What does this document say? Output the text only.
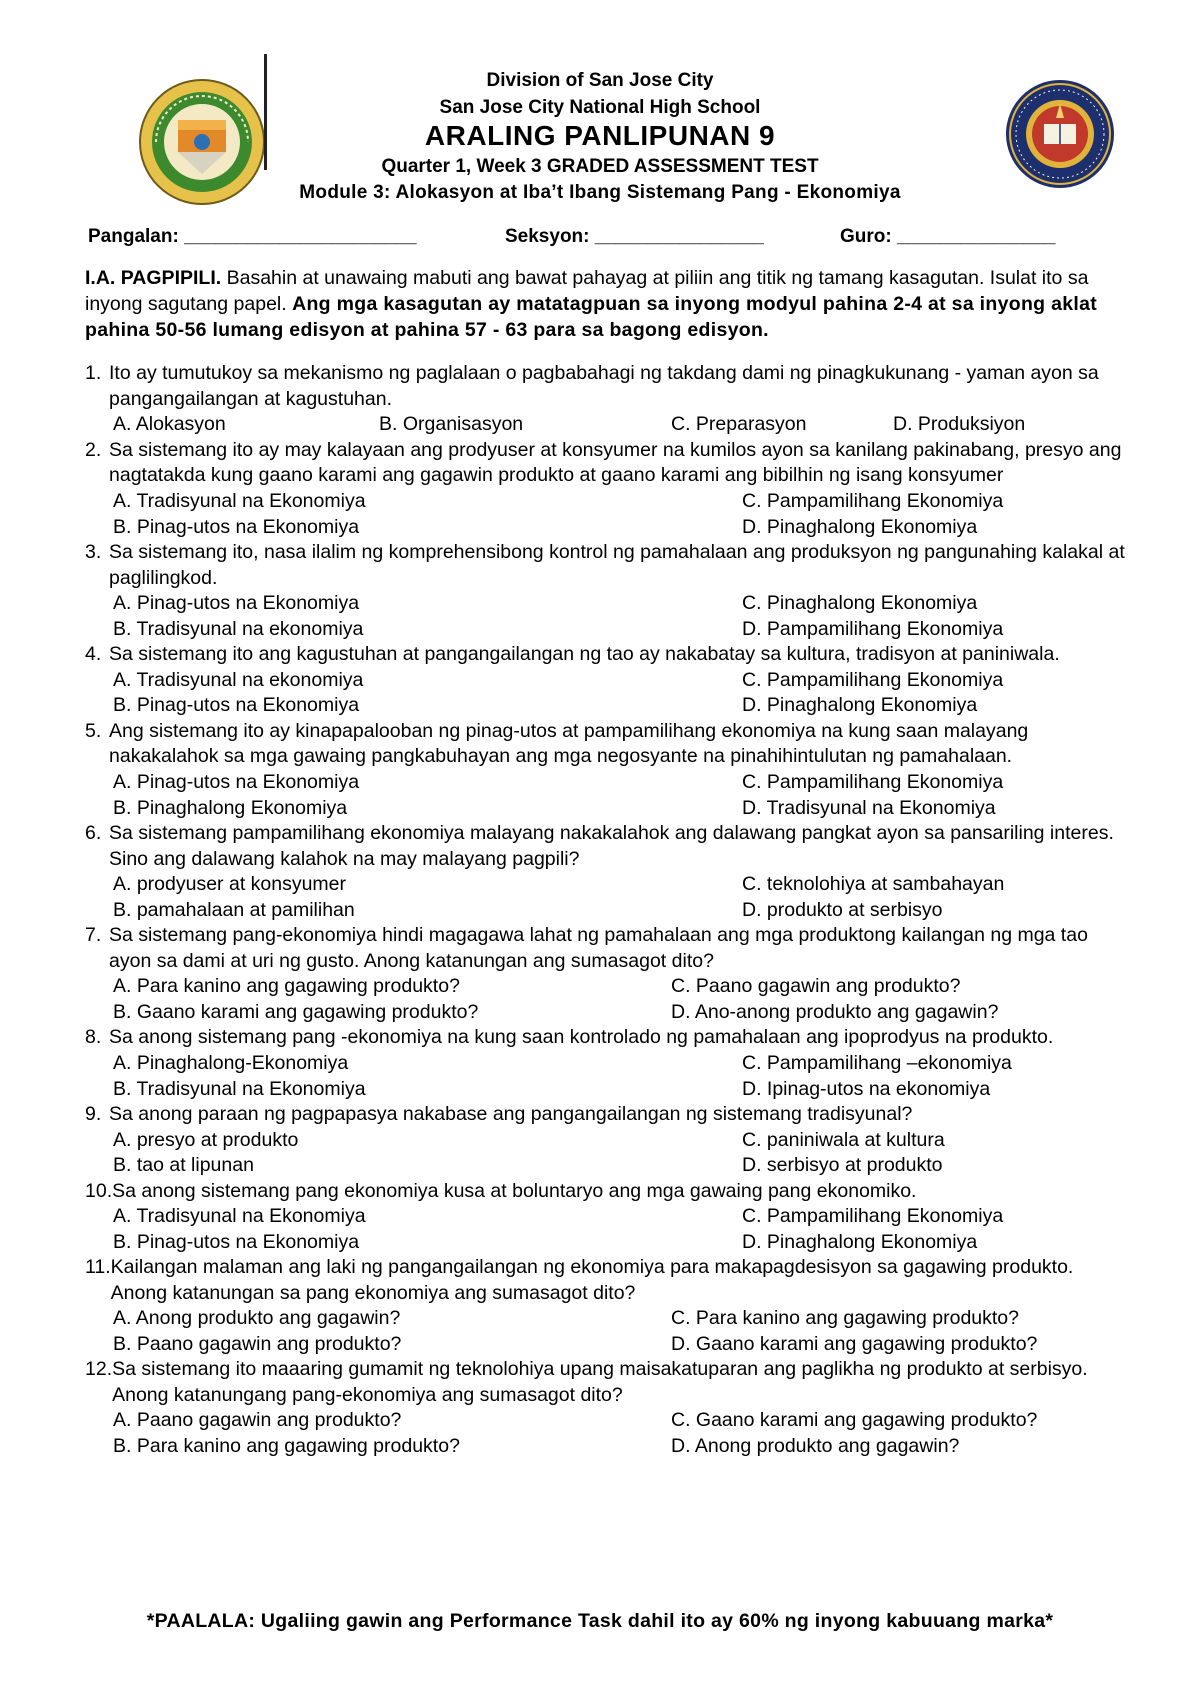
Division of San Jose City
San Jose City National High School
ARALING PANLIPUNAN 9
Quarter 1, Week 3 GRADED ASSESSMENT TEST
Module 3: Alokasyon at Iba’t Ibang Sistemang Pang - Ekonomiya
Pangalan: ______________________	Seksyon: ________________	Guro: _______________
I.A. PAGPIPILI. Basahin at unawaing mabuti ang bawat pahayag at piliin ang titik ng tamang kasagutan. Isulat ito sa inyong sagutang papel. Ang mga kasagutan ay matatagpuan sa inyong modyul pahina 2-4 at sa inyong aklat pahina 50-56 lumang edisyon at pahina 57 - 63 para sa bagong edisyon.
1. Ito ay tumutukoy sa mekanismo ng paglalaan o pagbabahagi ng takdang dami ng pinagkukunang - yaman ayon sa pangangailangan at kagustuhan.
A. Alokasyon	B. Organisasyon	C. Preparasyon	D. Produksiyon
2. Sa sistemang ito ay may kalayaan ang prodyuser at konsyumer na kumilos ayon sa kanilang pakinabang, presyo ang nagtatakda kung gaano karami ang gagawin produkto at gaano karami ang bibilhin ng isang konsyumer
A. Tradisyunal na Ekonomiya
B. Pinag-utos na Ekonomiya
C. Pampamilihang Ekonomiya
D. Pinaghalong Ekonomiya
3. Sa sistemang ito, nasa ilalim ng komprehensibong kontrol ng pamahalaan ang produksyon ng pangunahing kalakal at paglilingkod.
A. Pinag-utos na Ekonomiya
B. Tradisyunal na ekonomiya
C. Pinaghalong Ekonomiya
D. Pampamilihang Ekonomiya
4. Sa sistemang ito ang kagustuhan at pangangailangan ng tao ay nakabatay sa kultura, tradisyon at paniniwala.
A. Tradisyunal na ekonomiya
B. Pinag-utos na Ekonomiya
C. Pampamilihang Ekonomiya
D. Pinaghalong Ekonomiya
5. Ang sistemang ito ay kinapapalooban ng pinag-utos at pampamilihang ekonomiya na kung saan malayang nakakalahok sa mga gawaing pangkabuhayan ang mga negosyante na pinahihintulutan ng pamahalaan.
A. Pinag-utos na Ekonomiya
B. Pinaghalong Ekonomiya
C. Pampamilihang Ekonomiya
D. Tradisyunal na Ekonomiya
6. Sa sistemang pampamilihang ekonomiya malayang nakakalahok ang dalawang pangkat ayon sa pansariling interes. Sino ang dalawang kalahok na may malayang pagpili?
A. prodyuser at konsyumer
B. pamahalaan at pamilihan
C. teknolohiya at sambahayan
D. produkto at serbisyo
7. Sa sistemang pang-ekonomiya hindi magagawa lahat ng pamahalaan ang mga produktong kailangan ng mga tao ayon sa dami at uri ng gusto. Anong katanungan ang sumasagot dito?
A. Para kanino ang gagawing produkto?
B. Gaano karami ang gagawing produkto?
C. Paano gagawin ang produkto?
D. Ano-anong produkto ang gagawin?
8. Sa anong sistemang pang -ekonomiya na kung saan kontrolado ng pamahalaan ang ipoprodyus na produkto.
A. Pinaghalong-Ekonomiya
B. Tradisyunal na Ekonomiya
C. Pampamilihang –ekonomiya
D. Ipinag-utos na ekonomiya
9. Sa anong paraan ng pagpapasya nakabase ang pangangailangan ng sistemang tradisyunal?
A. presyo at produkto
B. tao at lipunan
C. paniniwala at kultura
D. serbisyo at produkto
10. Sa anong sistemang pang ekonomiya kusa at boluntaryo ang mga gawaing pang ekonomiko.
A. Tradisyunal na Ekonomiya
B. Pinag-utos na Ekonomiya
C. Pampamilihang Ekonomiya
D. Pinaghalong Ekonomiya
11. Kailangan malaman ang laki ng pangangailangan ng ekonomiya para makapagdesisyon sa gagawing produkto. Anong katanungan sa pang ekonomiya ang sumasagot dito?
A. Anong produkto ang gagawin?
B. Paano gagawin ang produkto?
C. Para kanino ang gagawing produkto?
D. Gaano karami ang gagawing produkto?
12. Sa sistemang ito maaaring gumamit ng teknolohiya upang maisakatuparan ang paglikha ng produkto at serbisyo. Anong katanungang pang-ekonomiya ang sumasagot dito?
A. Paano gagawin ang produkto?
B. Para kanino ang gagawing produkto?
C. Gaano karami ang gagawing produkto?
D. Anong produkto ang gagawin?
*PAALALA: Ugaliing gawin ang Performance Task dahil ito ay 60% ng inyong kabuuang marka*
